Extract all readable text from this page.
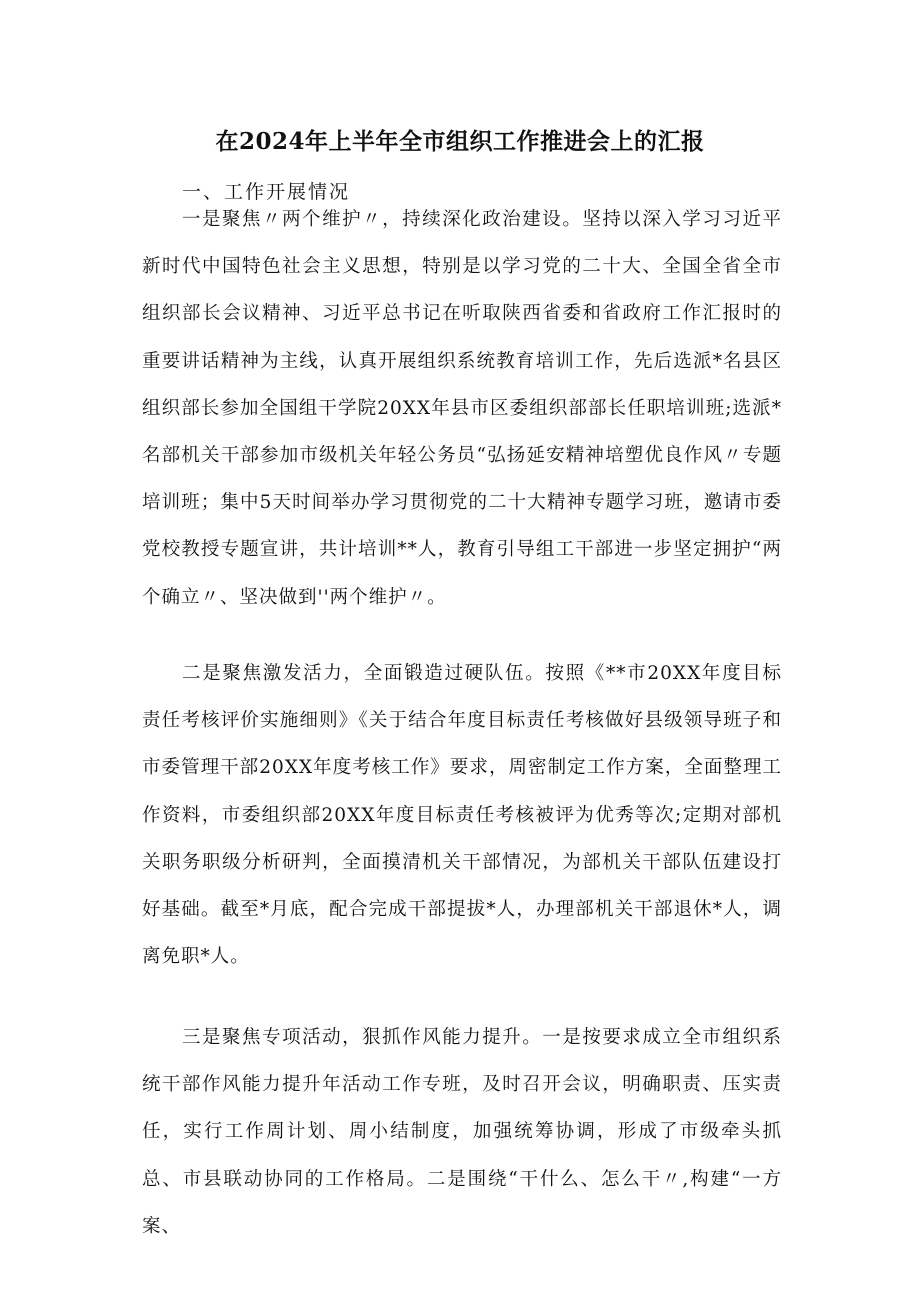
在2024年上半年全市组织工作推进会上的汇报
一、工作开展情况

一是聚焦〃两个维护〃，持续深化政治建设。坚持以深入学习习近平新时代中国特色社会主义思想，特别是以学习党的二十大、全国全省全市组织部长会议精神、习近平总书记在听取陕西省委和省政府工作汇报时的重要讲话精神为主线，认真开展组织系统教育培训工作，先后选派*名县区组织部长参加全国组干学院20XX年县市区委组织部部长任职培训班;选派*名部机关干部参加市级机关年轻公务员“弘扬延安精神培塑优良作风〃专题培训班；集中5天时间举办学习贯彻党的二十大精神专题学习班，邀请市委党校教授专题宣讲，共计培训**人，教育引导组工干部进一步坚定拥护“两个确立〃、坚决做到''两个维护〃。

二是聚焦激发活力，全面锻造过硬队伍。按照《**市20XX年度目标责任考核评价实施细则》《关于结合年度目标责任考核做好县级领导班子和市委管理干部20XX年度考核工作》要求，周密制定工作方案，全面整理工作资料，市委组织部20XX年度目标责任考核被评为优秀等次;定期对部机关职务职级分析研判，全面摸清机关干部情况，为部机关干部队伍建设打好基础。截至*月底，配合完成干部提拔*人，办理部机关干部退休*人，调离免职*人。

三是聚焦专项活动，狠抓作风能力提升。一是按要求成立全市组织系统干部作风能力提升年活动工作专班，及时召开会议，明确职责、压实责任，实行工作周计划、周小结制度，加强统筹协调，形成了市级牵头抓总、市县联动协同的工作格局。二是围绕“干什么、怎么干〃,构建“一方案、
